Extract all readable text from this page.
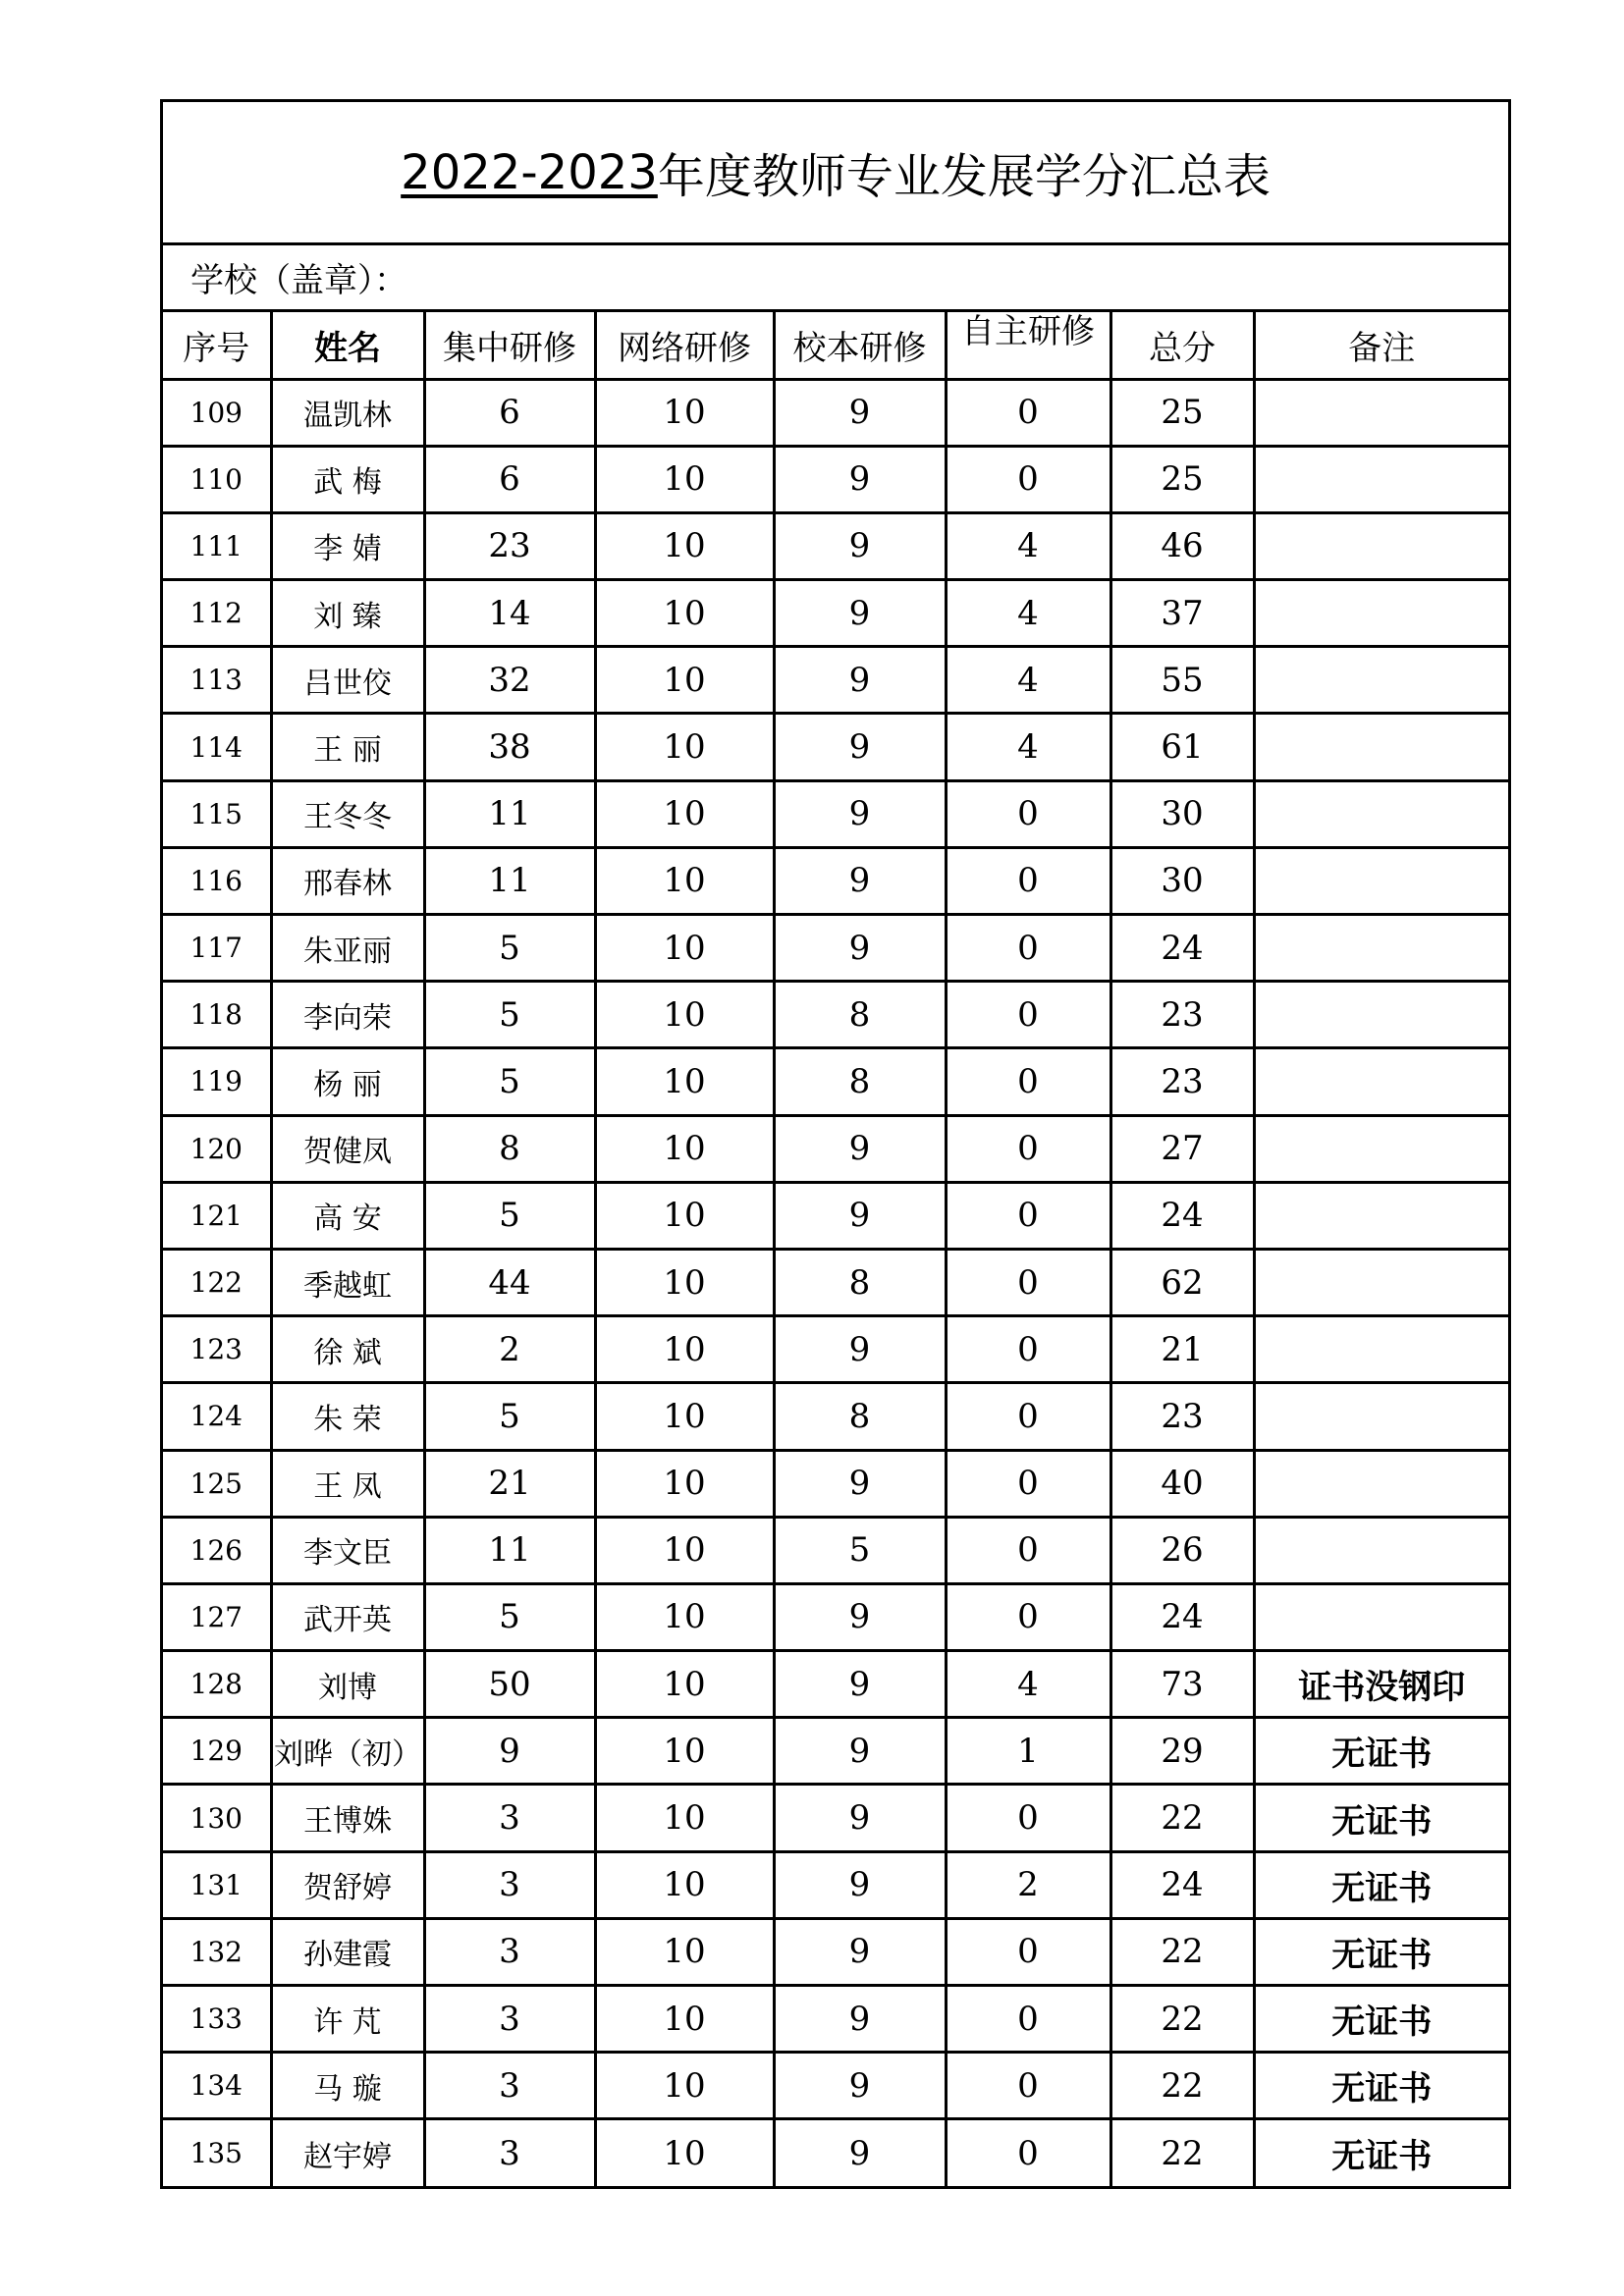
2022-2023 年度教师专业发展学分汇总表
学校（盖章）：
序号	姓名	集中研修	网络研修	校本研修	自主研修	总分	备注
109	温凯林	6	10	9	0	25	
110	武 梅	6	10	9	0	25	
111	李 婧	23	10	9	4	46	
112	刘 臻	14	10	9	4	37	
113	吕世佼	32	10	9	4	55	
114	王 丽	38	10	9	4	61	
115	王冬冬	11	10	9	0	30	
116	邢春林	11	10	9	0	30	
117	朱亚丽	5	10	9	0	24	
118	李向荣	5	10	8	0	23	
119	杨 丽	5	10	8	0	23	
120	贺健凤	8	10	9	0	27	
121	高 安	5	10	9	0	24	
122	季越虹	44	10	8	0	62	
123	徐 斌	2	10	9	0	21	
124	朱 荣	5	10	8	0	23	
125	王 凤	21	10	9	0	40	
126	李文臣	11	10	5	0	26	
127	武开英	5	10	9	0	24	
128	刘博	50	10	9	4	73	证书没钢印
129	刘晔（初）	9	10	9	1	29	无证书
130	王博姝	3	10	9	0	22	无证书
131	贺舒婷	3	10	9	2	24	无证书
132	孙建霞	3	10	9	0	22	无证书
133	许 芃	3	10	9	0	22	无证书
134	马 璇	3	10	9	0	22	无证书
135	赵宇婷	3	10	9	0	22	无证书
